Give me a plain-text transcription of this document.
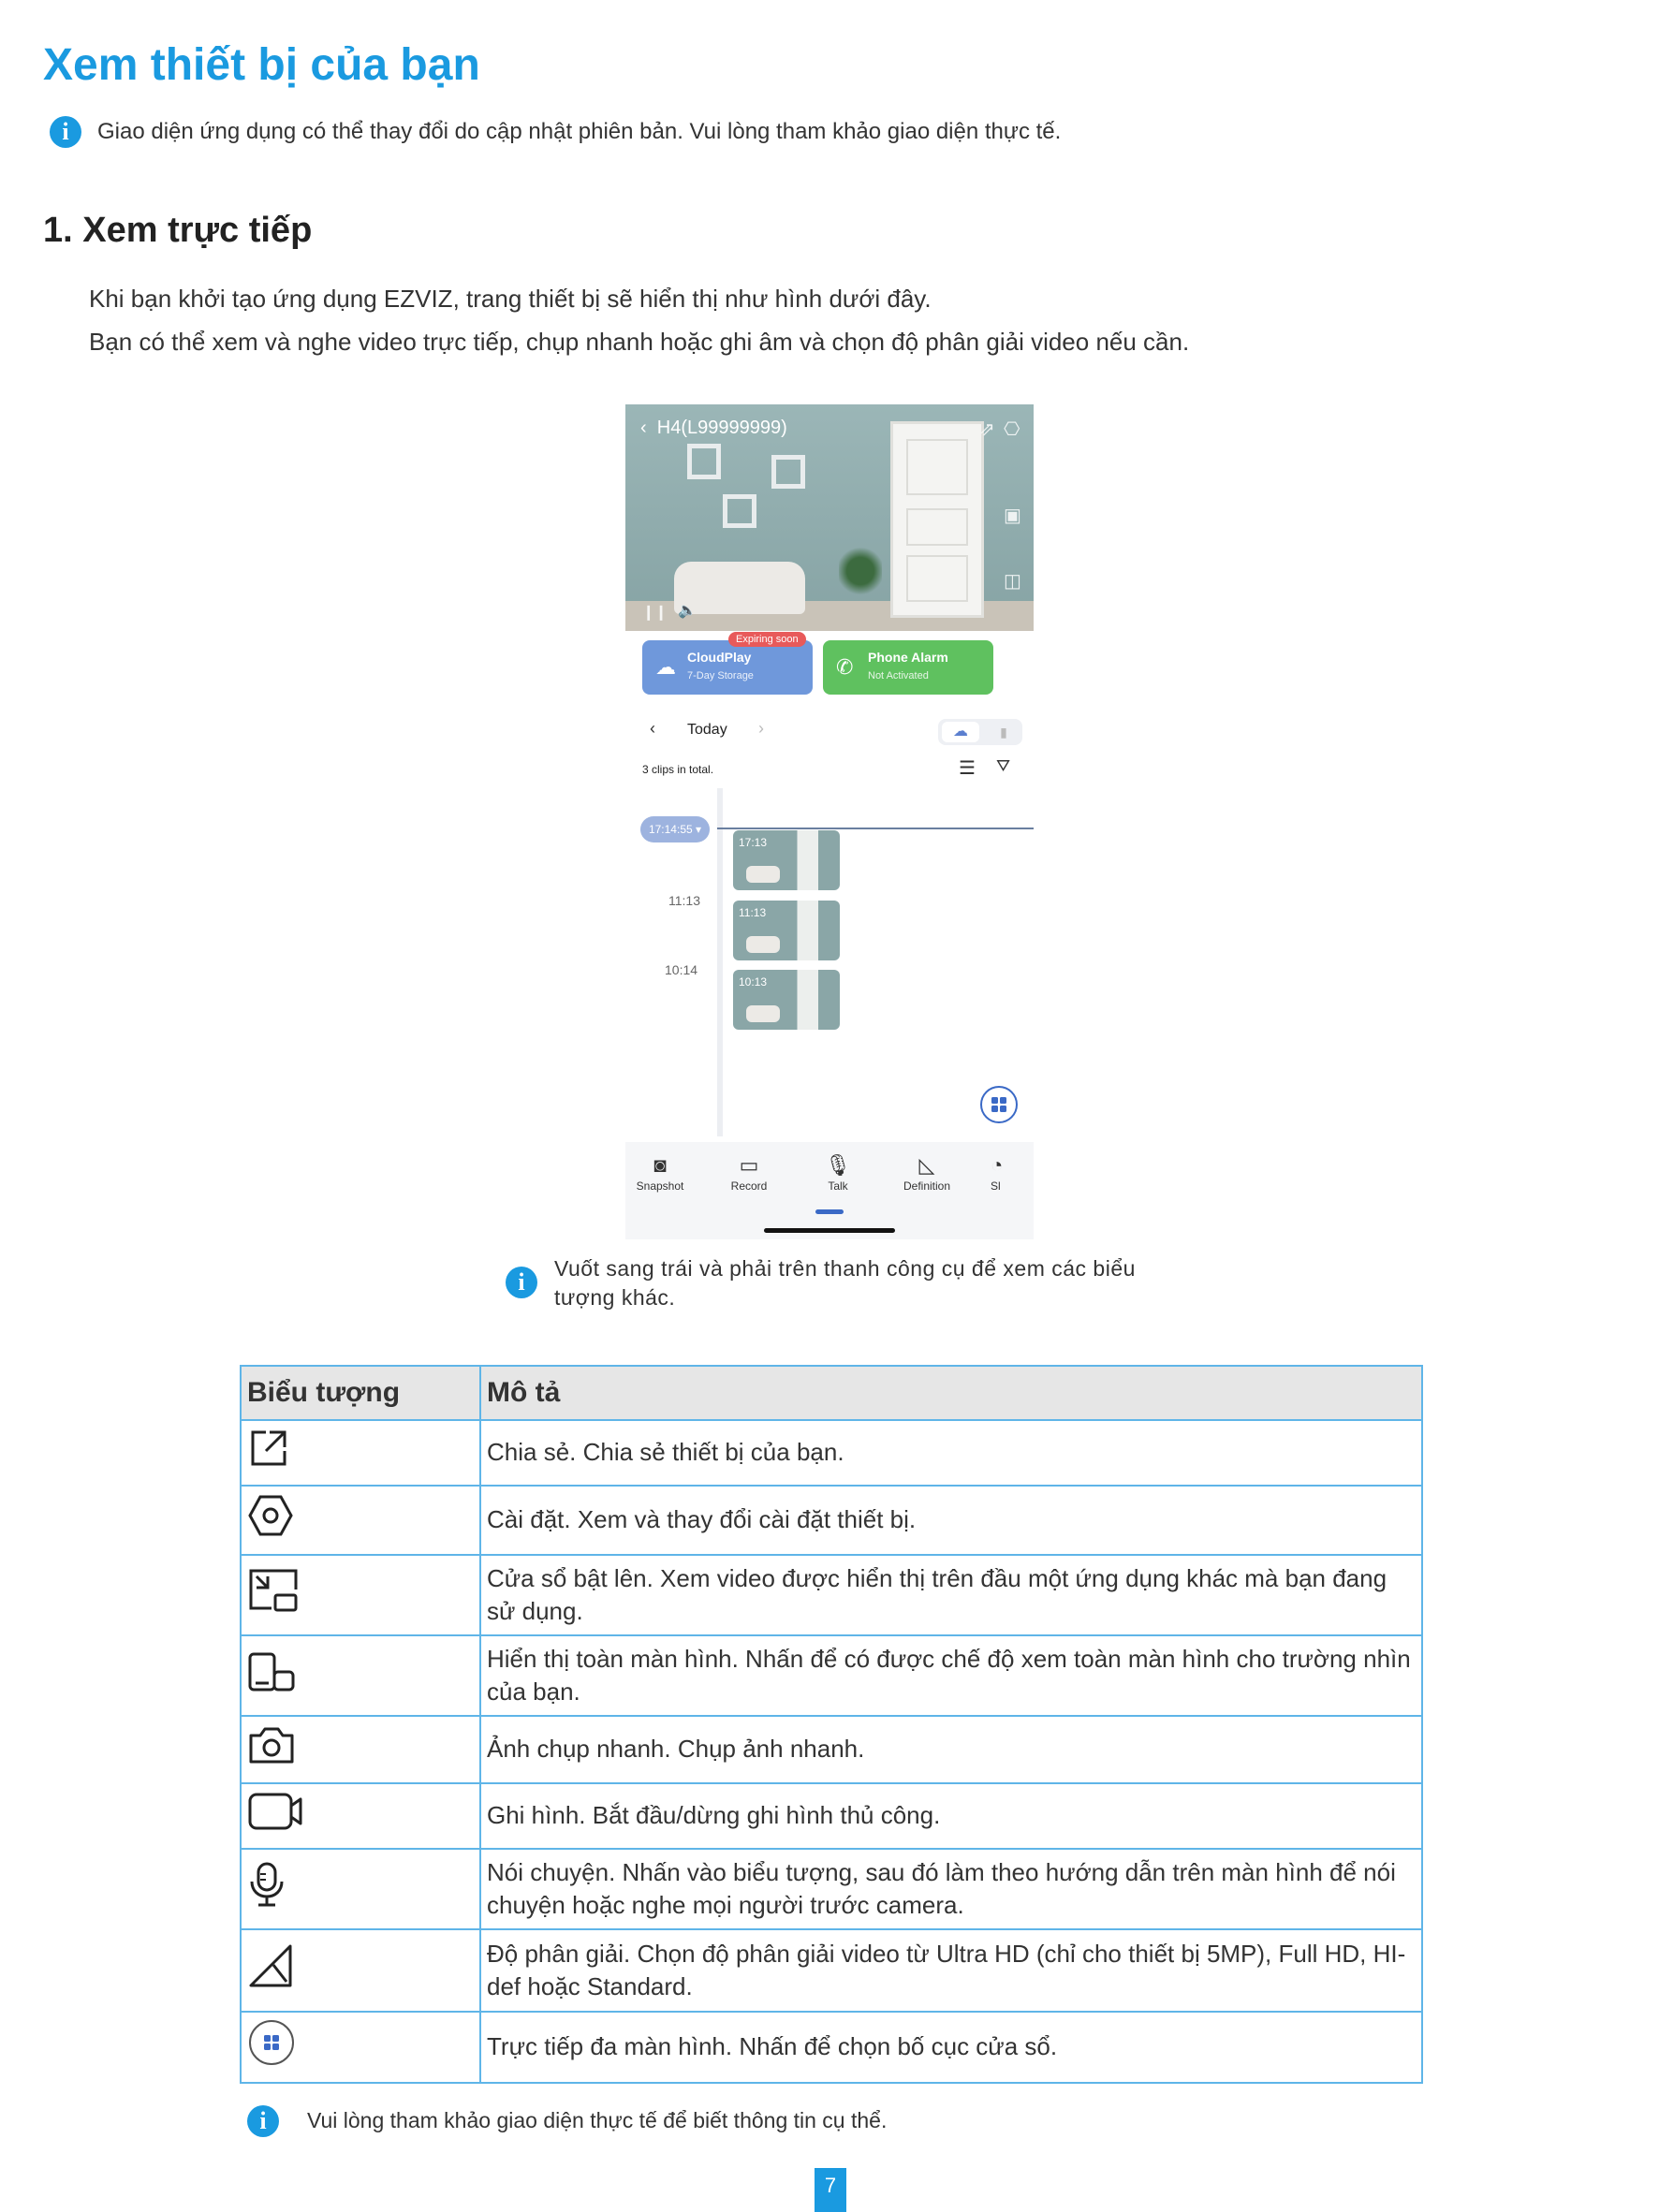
Xem thiết bị của bạn
i	Giao diện ứng dụng có thể thay đổi do cập nhật phiên bản. Vui lòng tham khảo giao diện thực tế.
1. Xem trực tiếp
Khi bạn khởi tạo ứng dụng EZVIZ, trang thiết bị sẽ hiển thị như hình dưới đây.
Bạn có thể xem và nghe video trực tiếp, chụp nhanh hoặc ghi âm và chọn độ phân giải video nếu cần.
‹  H4(L99999999)	⇗ ⎔
▣
◫
❙❙ 🔈
☁ CloudPlay
7-Day Storage
Expiring soon
✆ Phone Alarm
Not Activated
‹ Today ›	☁	▮
3 clips in total.	☰ ⛛
17:14:55 ▾
11:13
10:14
17:13
11:13
10:13
◙
Snapshot
▭
Record
🎙
Talk
◺
Definition
◔
Sl
i	Vuốt sang trái và phải trên thanh công cụ để xem các biểu tượng khác.
Biểu tượng	Mô tả
	Chia sẻ. Chia sẻ thiết bị của bạn.
	Cài đặt. Xem và thay đổi cài đặt thiết bị.
	Cửa sổ bật lên. Xem video được hiển thị trên đầu một ứng dụng khác mà bạn đang sử dụng.
	Hiển thị toàn màn hình. Nhấn để có được chế độ xem toàn màn hình cho trường nhìn của bạn.
	Ảnh chụp nhanh. Chụp ảnh nhanh.
	Ghi hình. Bắt đầu/dừng ghi hình thủ công.
	Nói chuyện. Nhấn vào biểu tượng, sau đó làm theo hướng dẫn trên màn hình để nói chuyện hoặc nghe mọi người trước camera.
	Độ phân giải. Chọn độ phân giải video từ Ultra HD (chỉ cho thiết bị 5MP), Full HD, HI-def hoặc Standard.
	Trực tiếp đa màn hình. Nhấn để chọn bố cục cửa sổ.
i	Vui lòng tham khảo giao diện thực tế để biết thông tin cụ thể.
7
